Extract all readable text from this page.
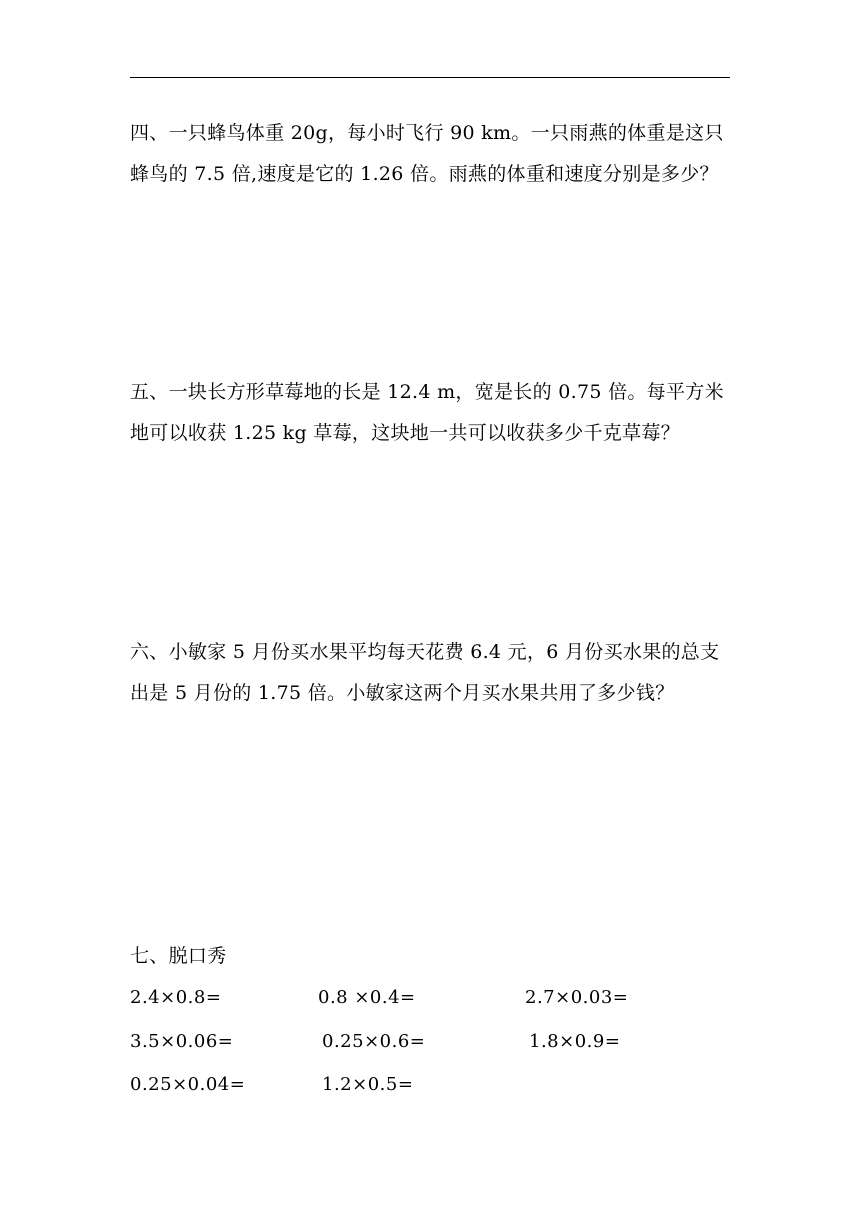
四、一只蜂鸟体重 20g，每小时飞行 90 km。一只雨燕的体重是这只
蜂鸟的 7.5 倍,速度是它的 1.26 倍。雨燕的体重和速度分别是多少？
五、一块长方形草莓地的长是 12.4 m，宽是长的 0.75 倍。每平方米
地可以收获 1.25 kg 草莓，这块地一共可以收获多少千克草莓？
六、小敏家 5 月份买水果平均每天花费 6.4 元，6 月份买水果的总支
出是 5 月份的 1.75 倍。小敏家这两个月买水果共用了多少钱？
七、脱口秀
2.4×0.8=	0.8 ×0.4=	2.7×0.03=
3.5×0.06=	0.25×0.6=	1.8×0.9=
0.25×0.04=	1.2×0.5=
